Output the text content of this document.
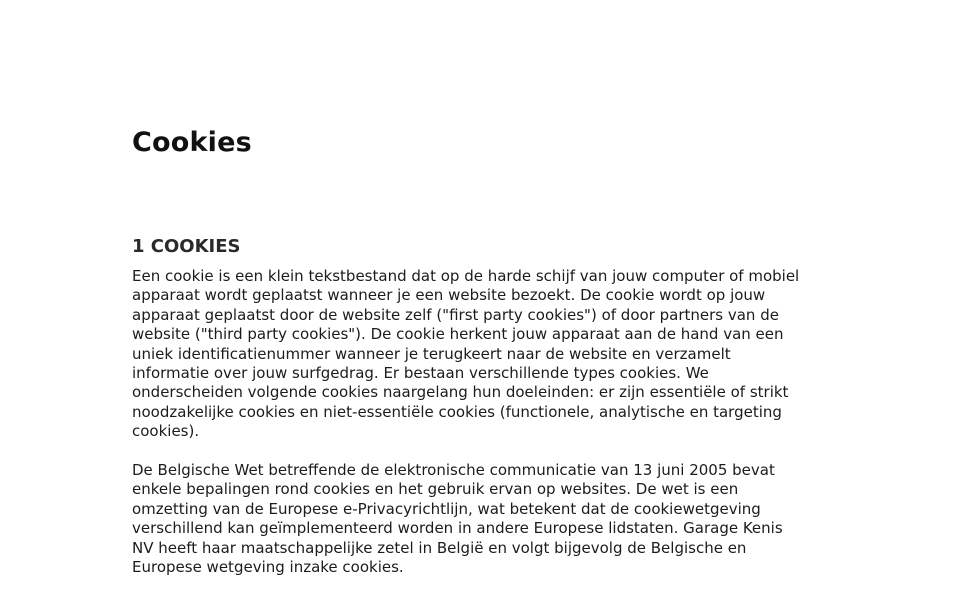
Cookies
1 COOKIES

Een cookie is een klein tekstbestand dat op de harde schijf van jouw computer of mobiel
apparaat wordt geplaatst wanneer je een website bezoekt. De cookie wordt op jouw
apparaat geplaatst door de website zelf ("first party cookies") of door partners van de
website ("third party cookies"). De cookie herkent jouw apparaat aan de hand van een
uniek identificatienummer wanneer je terugkeert naar de website en verzamelt
informatie over jouw surfgedrag. Er bestaan verschillende types cookies. We
onderscheiden volgende cookies naargelang hun doeleinden: er zijn essentiële of strikt
noodzakelijke cookies en niet-essentiële cookies (functionele, analytische en targeting
cookies).

De Belgische Wet betreffende de elektronische communicatie van 13 juni 2005 bevat
enkele bepalingen rond cookies en het gebruik ervan op websites. De wet is een
omzetting van de Europese e-Privacyrichtlijn, wat betekent dat de cookiewetgeving
verschillend kan geïmplementeerd worden in andere Europese lidstaten. Garage Kenis
NV heeft haar maatschappelijke zetel in België en volgt bijgevolg de Belgische en
Europese wetgeving inzake cookies.
